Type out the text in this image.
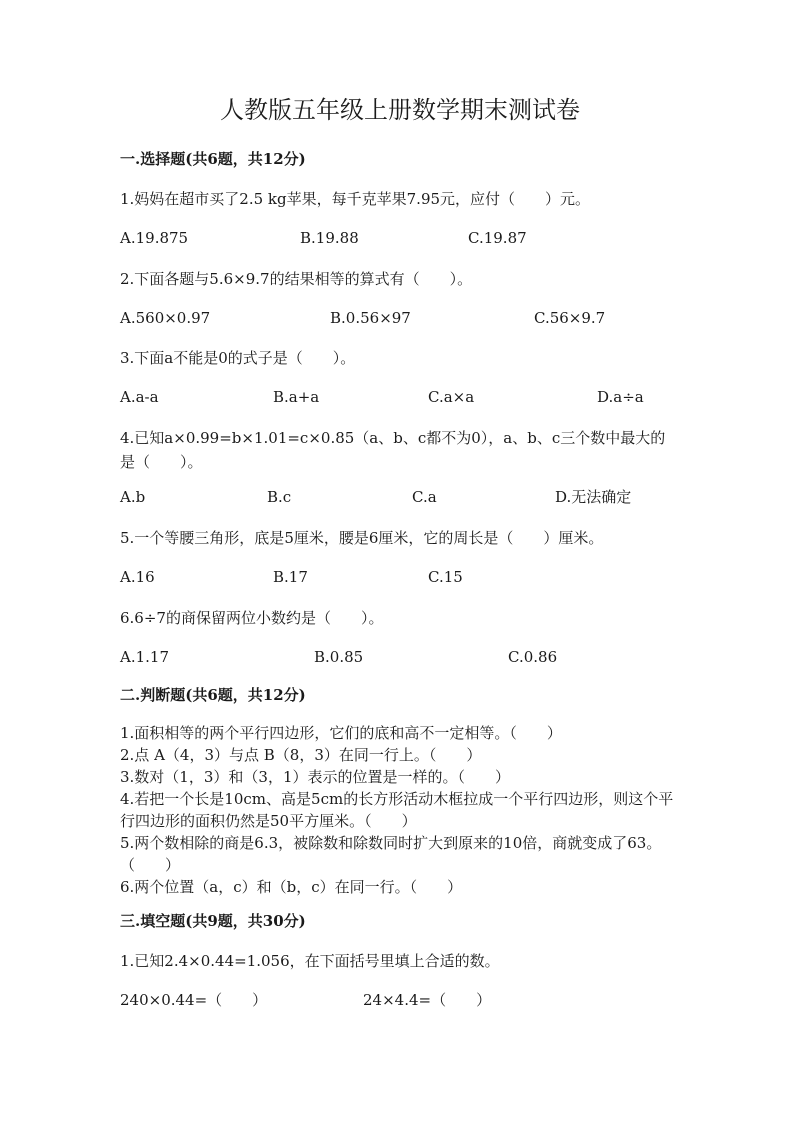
人教版五年级上册数学期末测试卷
一.选择题(共6题，共12分)
1.妈妈在超市买了2.5 kg苹果，每千克苹果7.95元，应付（　　）元。
A.19.875	B.19.88	C.19.87
2.下面各题与5.6×9.7的结果相等的算式有（　　）。
A.560×0.97	B.0.56×97	C.56×9.7
3.下面a不能是0的式子是（　　）。
A.a-a	B.a+a	C.a×a	D.a÷a
4.已知a×0.99=b×1.01=c×0.85（a、b、c都不为0），a、b、c三个数中最大的是（　　）。
A.b	B.c	C.a	D.无法确定
5.一个等腰三角形，底是5厘米，腰是6厘米，它的周长是（　　）厘米。
A.16	B.17	C.15
6.6÷7的商保留两位小数约是（　　）。
A.1.17	B.0.85	C.0.86
二.判断题(共6题，共12分)
1.面积相等的两个平行四边形，它们的底和高不一定相等。（　　）
2.点 A（4，3）与点 B（8，3）在同一行上。（　　）
3.数对（1，3）和（3，1）表示的位置是一样的。（　　）
4.若把一个长是10cm、高是5cm的长方形活动木框拉成一个平行四边形，则这个平行四边形的面积仍然是50平方厘米。（　　）
5.两个数相除的商是6.3，被除数和除数同时扩大到原来的10倍，商就变成了63。（　　）
6.两个位置（a，c）和（b，c）在同一行。（　　）
三.填空题(共9题，共30分)
1.已知2.4×0.44=1.056，在下面括号里填上合适的数。
240×0.44=（　　）	24×4.4=（　　）
